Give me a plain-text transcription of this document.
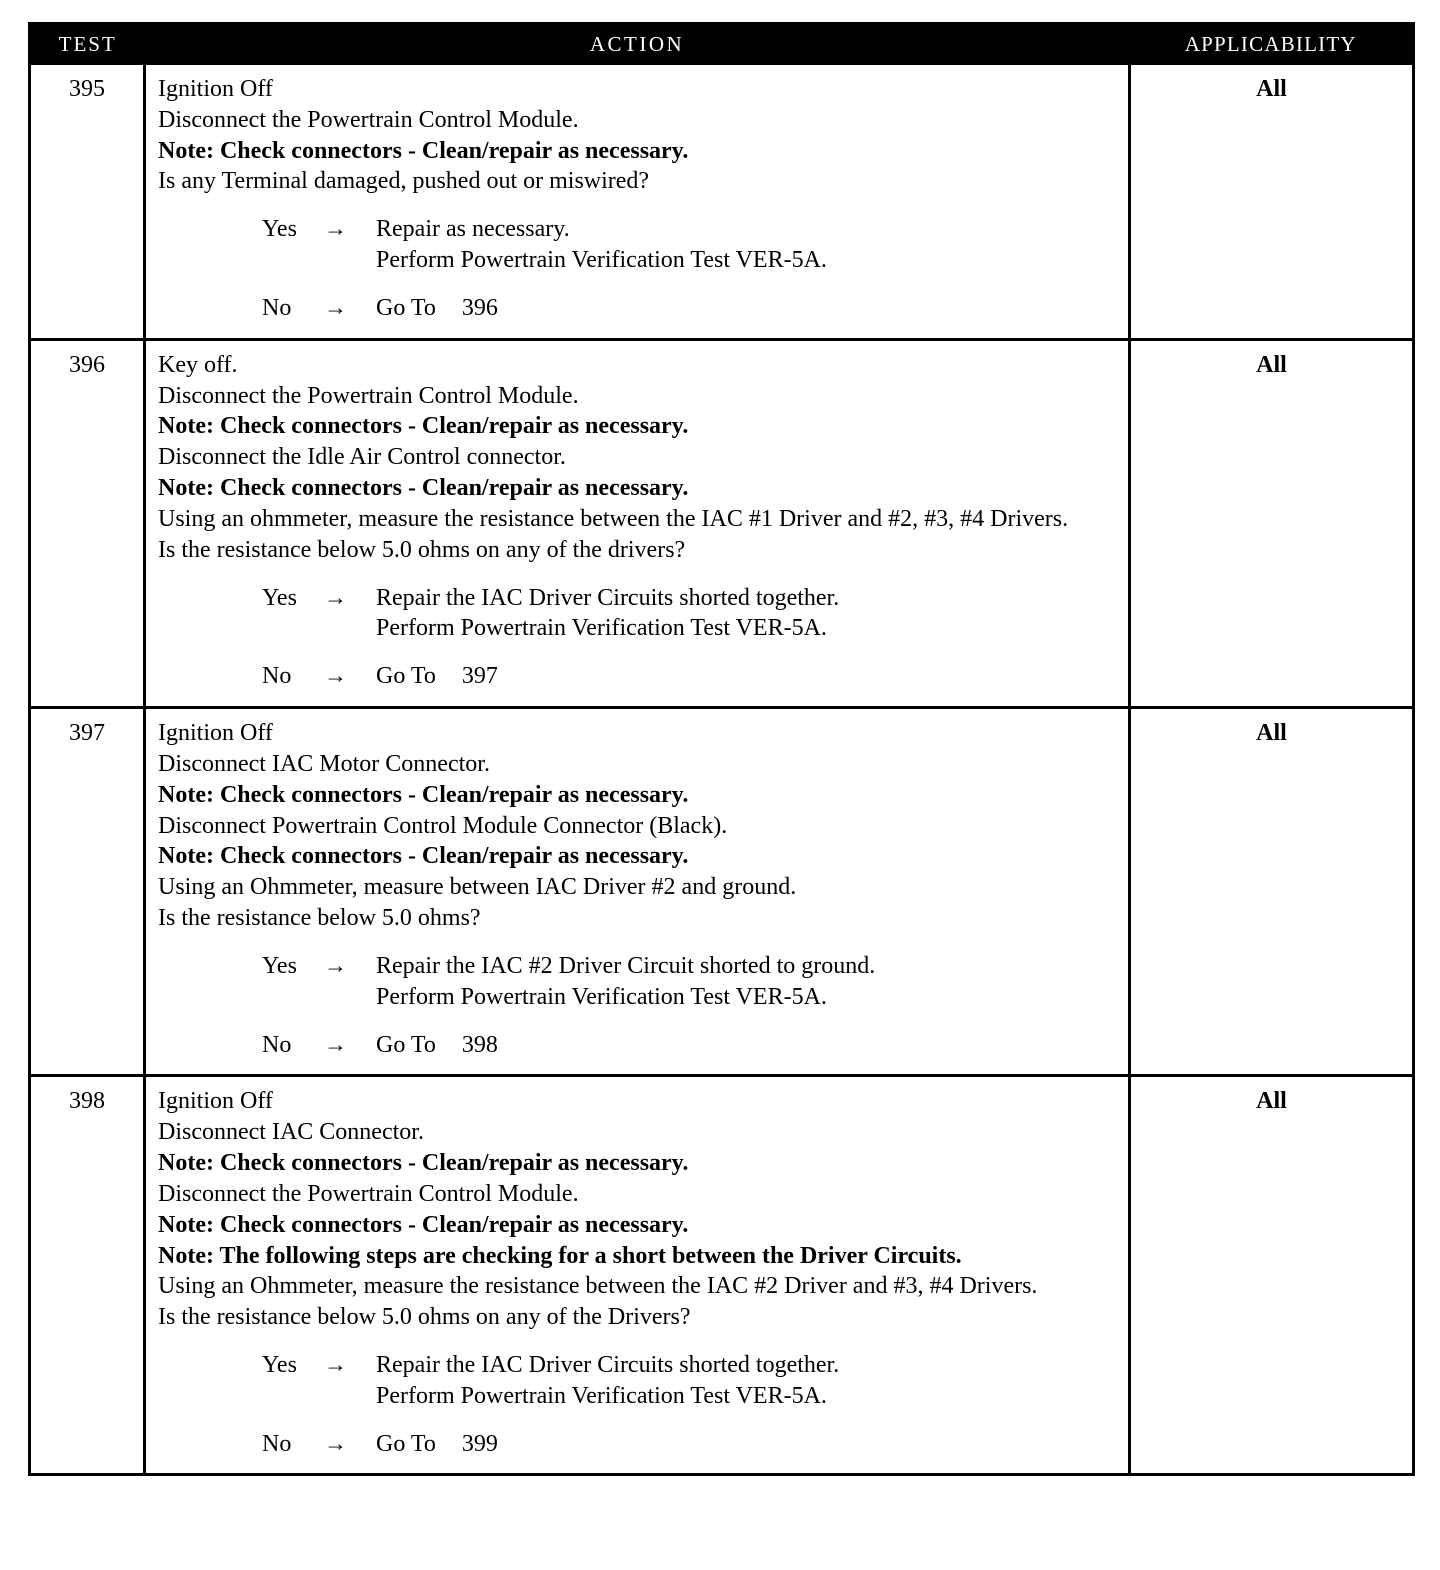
TEST	ACTION	APPLICABILITY
395	Ignition Off
Disconnect the Powertrain Control Module.
Note: Check connectors - Clean/repair as necessary.
Is any Terminal damaged, pushed out or miswired?
Yes	→	Repair as necessary.
Perform Powertrain Verification Test VER-5A.
No	→	Go To 396
	All
396	Key off.
Disconnect the Powertrain Control Module.
Note: Check connectors - Clean/repair as necessary.
Disconnect the Idle Air Control connector.
Note: Check connectors - Clean/repair as necessary.
Using an ohmmeter, measure the resistance between the IAC #1 Driver and #2, #3, #4 Drivers.
Is the resistance below 5.0 ohms on any of the drivers?
Yes	→	Repair the IAC Driver Circuits shorted together.
Perform Powertrain Verification Test VER-5A.
No	→	Go To 397
	All
397	Ignition Off
Disconnect IAC Motor Connector.
Note: Check connectors - Clean/repair as necessary.
Disconnect Powertrain Control Module Connector (Black).
Note: Check connectors - Clean/repair as necessary.
Using an Ohmmeter, measure between IAC Driver #2 and ground.
Is the resistance below 5.0 ohms?
Yes	→	Repair the IAC #2 Driver Circuit shorted to ground.
Perform Powertrain Verification Test VER-5A.
No	→	Go To 398
	All
398	Ignition Off
Disconnect IAC Connector.
Note: Check connectors - Clean/repair as necessary.
Disconnect the Powertrain Control Module.
Note: Check connectors - Clean/repair as necessary.
Note: The following steps are checking for a short between the Driver Circuits.
Using an Ohmmeter, measure the resistance between the IAC #2 Driver and #3, #4 Drivers.
Is the resistance below 5.0 ohms on any of the Drivers?
Yes	→	Repair the IAC Driver Circuits shorted together.
Perform Powertrain Verification Test VER-5A.
No	→	Go To 399
	All
